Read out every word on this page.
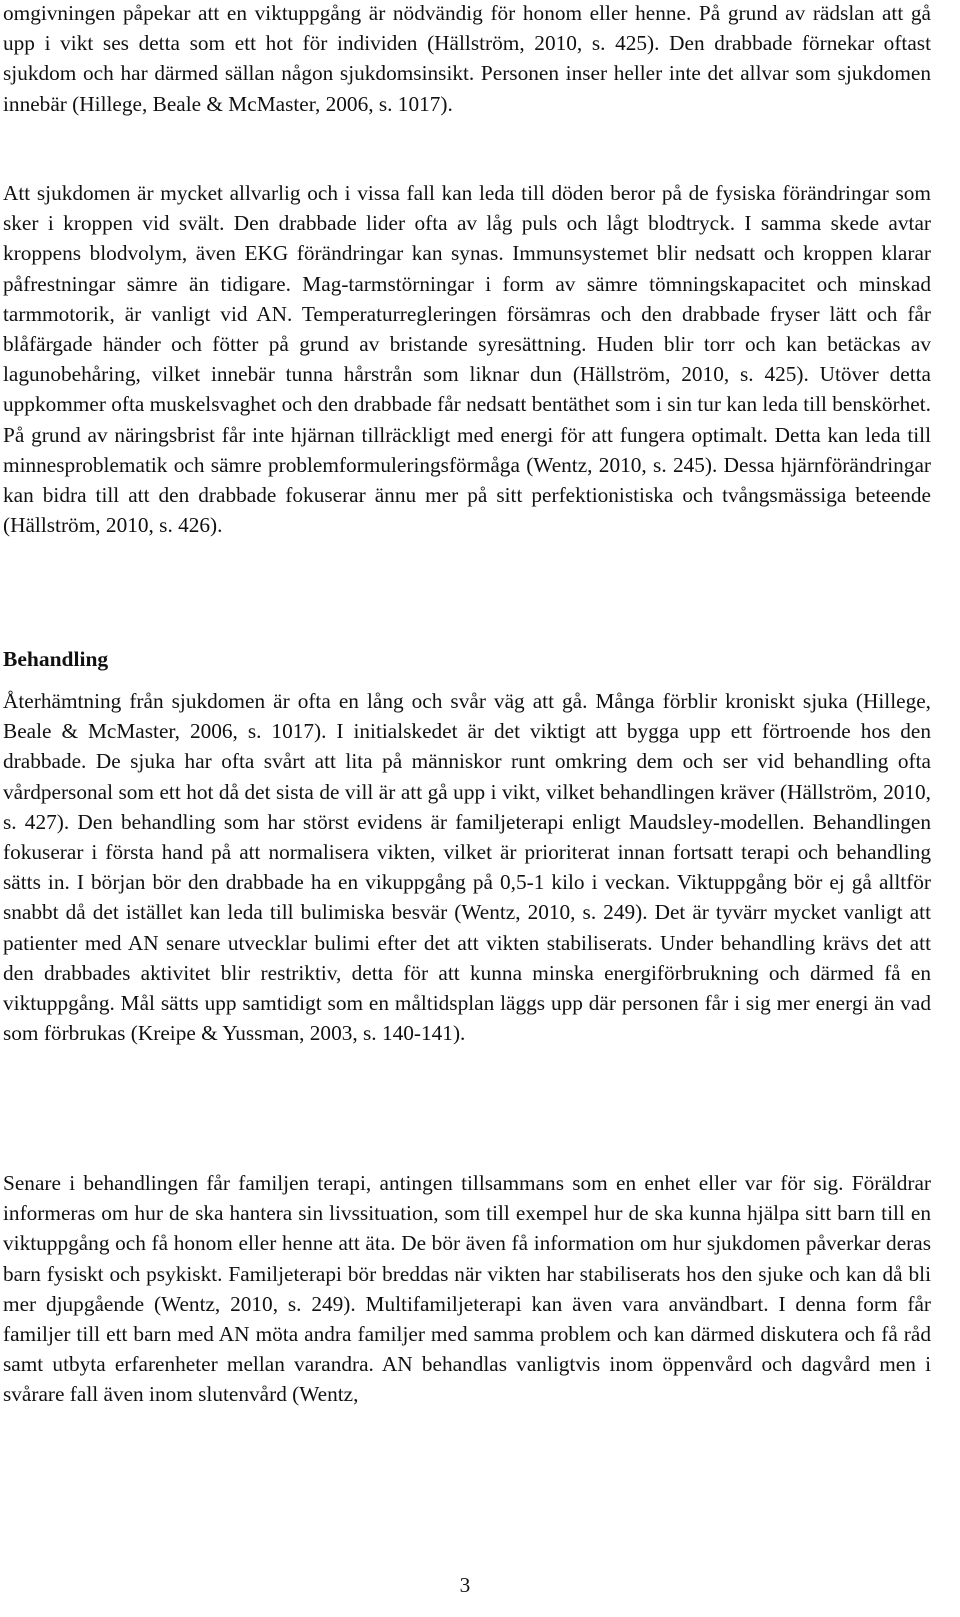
omgivningen påpekar att en viktuppgång är nödvändig för honom eller henne. På grund av rädslan att gå upp i vikt ses detta som ett hot för individen (Hällström, 2010, s. 425). Den drabbade förnekar oftast sjukdom och har därmed sällan någon sjukdomsinsikt. Personen inser heller inte det allvar som sjukdomen innebär (Hillege, Beale & McMaster, 2006, s. 1017).

Att sjukdomen är mycket allvarlig och i vissa fall kan leda till döden beror på de fysiska förändringar som sker i kroppen vid svält. Den drabbade lider ofta av låg puls och lågt blodtryck. I samma skede avtar kroppens blodvolym, även EKG förändringar kan synas. Immunsystemet blir nedsatt och kroppen klarar påfrestningar sämre än tidigare. Mag-tarmstörningar i form av sämre tömningskapacitet och minskad tarmmotorik, är vanligt vid AN. Temperaturregleringen försämras och den drabbade fryser lätt och får blåfärgade händer och fötter på grund av bristande syresättning. Huden blir torr och kan betäckas av lagunobehåring, vilket innebär tunna hårstrån som liknar dun (Hällström, 2010, s. 425). Utöver detta uppkommer ofta muskelsvaghet och den drabbade får nedsatt bentäthet som i sin tur kan leda till benskörhet. På grund av näringsbrist får inte hjärnan tillräckligt med energi för att fungera optimalt. Detta kan leda till minnesproblematik och sämre problemformuleringsförmåga (Wentz, 2010, s. 245). Dessa hjärnförändringar kan bidra till att den drabbade fokuserar ännu mer på sitt perfektionistiska och tvångsmässiga beteende (Hällström, 2010, s. 426).

Behandling

Återhämtning från sjukdomen är ofta en lång och svår väg att gå. Många förblir kroniskt sjuka (Hillege, Beale & McMaster, 2006, s. 1017). I initialskedet är det viktigt att bygga upp ett förtroende hos den drabbade. De sjuka har ofta svårt att lita på människor runt omkring dem och ser vid behandling ofta vårdpersonal som ett hot då det sista de vill är att gå upp i vikt, vilket behandlingen kräver (Hällström, 2010, s. 427). Den behandling som har störst evidens är familjeterapi enligt Maudsley-modellen. Behandlingen fokuserar i första hand på att normalisera vikten, vilket är prioriterat innan fortsatt terapi och behandling sätts in. I början bör den drabbade ha en vikuppgång på 0,5-1 kilo i veckan. Viktuppgång bör ej gå alltför snabbt då det istället kan leda till bulimiska besvär (Wentz, 2010, s. 249). Det är tyvärr mycket vanligt att patienter med AN senare utvecklar bulimi efter det att vikten stabiliserats. Under behandling krävs det att den drabbades aktivitet blir restriktiv, detta för att kunna minska energiförbrukning och därmed få en viktuppgång. Mål sätts upp samtidigt som en måltidsplan läggs upp där personen får i sig mer energi än vad som förbrukas (Kreipe & Yussman, 2003, s. 140-141).

Senare i behandlingen får familjen terapi, antingen tillsammans som en enhet eller var för sig. Föräldrar informeras om hur de ska hantera sin livssituation, som till exempel hur de ska kunna hjälpa sitt barn till en viktuppgång och få honom eller henne att äta. De bör även få information om hur sjukdomen påverkar deras barn fysiskt och psykiskt. Familjeterapi bör breddas när vikten har stabiliserats hos den sjuke och kan då bli mer djupgående (Wentz, 2010, s. 249). Multifamiljeterapi kan även vara användbart. I denna form får familjer till ett barn med AN möta andra familjer med samma problem och kan därmed diskutera och få råd samt utbyta erfarenheter mellan varandra. AN behandlas vanligtvis inom öppenvård och dagvård men i svårare fall även inom slutenvård (Wentz,

3
